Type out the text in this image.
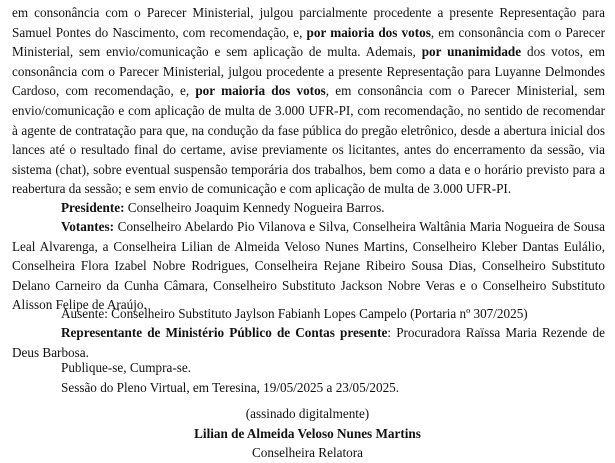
em consonância com o Parecer Ministerial, julgou parcialmente procedente a presente Representação para Samuel Pontes do Nascimento, com recomendação, e, por maioria dos votos, em consonância com o Parecer Ministerial, sem envio/comunicação e sem aplicação de multa. Ademais, por unanimidade dos votos, em consonância com o Parecer Ministerial, julgou procedente a presente Representação para Luyanne Delmondes Cardoso, com recomendação, e, por maioria dos votos, em consonância com o Parecer Ministerial, sem envio/comunicação e com aplicação de multa de 3.000 UFR-PI, com recomendação, no sentido de recomendar à agente de contratação para que, na condução da fase pública do pregão eletrônico, desde a abertura inicial dos lances até o resultado final do certame, avise previamente os licitantes, antes do encerramento da sessão, via sistema (chat), sobre eventual suspensão temporária dos trabalhos, bem como a data e o horário previsto para a reabertura da sessão; e sem envio de comunicação e com aplicação de multa de 3.000 UFR-PI.

Presidente: Conselheiro Joaquim Kennedy Nogueira Barros.

Votantes: Conselheiro Abelardo Pio Vilanova e Silva, Conselheira Waltânia Maria Nogueira de Sousa Leal Alvarenga, a Conselheira Lilian de Almeida Veloso Nunes Martins, Conselheiro Kleber Dantas Eulálio, Conselheira Flora Izabel Nobre Rodrigues, Conselheira Rejane Ribeiro Sousa Dias, Conselheiro Substituto Delano Carneiro da Cunha Câmara, Conselheiro Substituto Jackson Nobre Veras e o Conselheiro Substituto Alisson Felipe de Araújo.

Ausente: Conselheiro Substituto Jaylson Fabianh Lopes Campelo (Portaria nº 307/2025)

Representante de Ministério Público de Contas presente: Procuradora Raïssa Maria Rezende de Deus Barbosa.

Publique-se, Cumpra-se.

Sessão do Pleno Virtual, em Teresina, 19/05/2025 a 23/05/2025.

(assinado digitalmente)

Lilian de Almeida Veloso Nunes Martins

Conselheira Relatora
